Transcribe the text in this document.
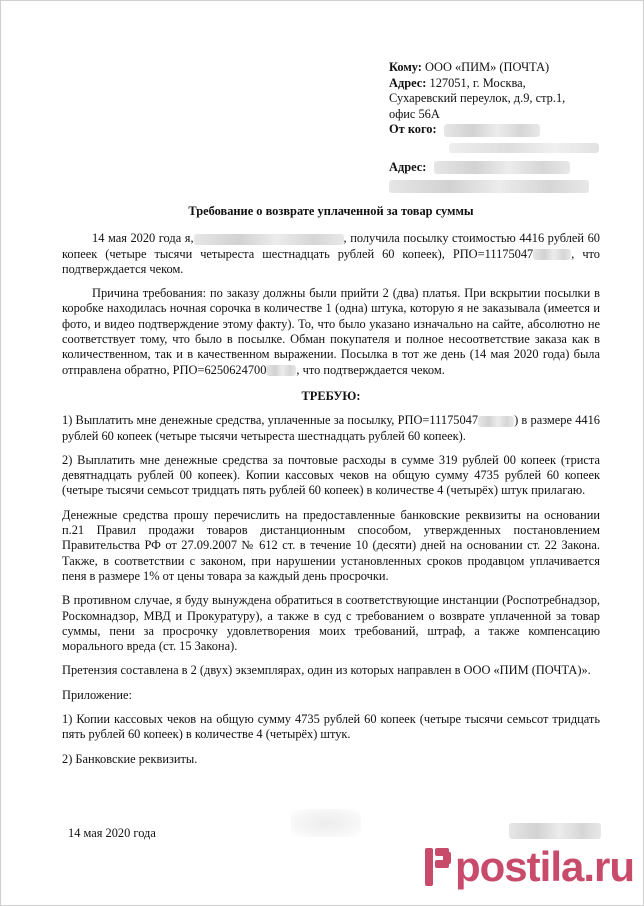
Кому: ООО «ПИМ» (ПОЧТА)
Адрес: 127051, г. Москва,
Сухаревский переулок, д.9, стр.1,
офис 56А
От кого:
Адрес:
Требование о возврате уплаченной за товар суммы

14 мая 2020 года я,	, получила посылку стоимостью 4416 рублей 60 копеек (четыре тысячи четыреста шестнадцать рублей 60 копеек), РПО=11175047	, что подтверждается чеком.

Причина требования: по заказу должны были прийти 2 (два) платья. При вскрытии посылки в коробке находилась ночная сорочка в количестве 1 (одна) штука, которую я не заказывала (имеется и фото, и видео подтверждение этому факту). То, что было указано изначально на сайте, абсолютно не соответствует тому, что было в посылке. Обман покупателя и полное несоответствие заказа как в количественном, так и в качественном выражении. Посылка в тот же день (14 мая 2020 года) была отправлена обратно, РПО=6250624700 , что подтверждается чеком.

ТРЕБУЮ:

1) Выплатить мне денежные средства, уплаченные за посылку, РПО=11175047	) в размере 4416 рублей 60 копеек (четыре тысячи четыреста шестнадцать рублей 60 копеек).

2) Выплатить мне денежные средства за почтовые расходы в сумме 319 рублей 00 копеек (триста девятнадцать рублей 00 копеек). Копии кассовых чеков на общую сумму 4735 рублей 60 копеек (четыре тысячи семьсот тридцать пять рублей 60 копеек) в количестве 4 (четырёх) штук прилагаю.

Денежные средства прошу перечислить на предоставленные банковские реквизиты на основании п.21 Правил продажи товаров дистанционным способом, утвержденных постановлением Правительства РФ от 27.09.2007 № 612 ст. в течение 10 (десяти) дней на основании ст. 22 Закона. Также, в соответствии с законом, при нарушении установленных сроков продавцом уплачивается пеня в размере 1% от цены товара за каждый день просрочки.

В противном случае, я буду вынуждена обратиться в соответствующие инстанции (Роспотребнадзор, Роскомнадзор, МВД и Прокуратуру), а также в суд с требованием о возврате уплаченной за товар суммы, пени за просрочку удовлетворения моих требований, штраф, а также компенсацию морального вреда (ст. 15 Закона).

Претензия составлена в 2 (двух) экземплярах, один из которых направлен в ООО «ПИМ (ПОЧТА)».

Приложение:

1) Копии кассовых чеков на общую сумму 4735 рублей 60 копеек (четыре тысячи семьсот тридцать пять рублей 60 копеек) в количестве 4 (четырёх) штук.

2) Банковские реквизиты.

14 мая 2020 года
postila.ru
